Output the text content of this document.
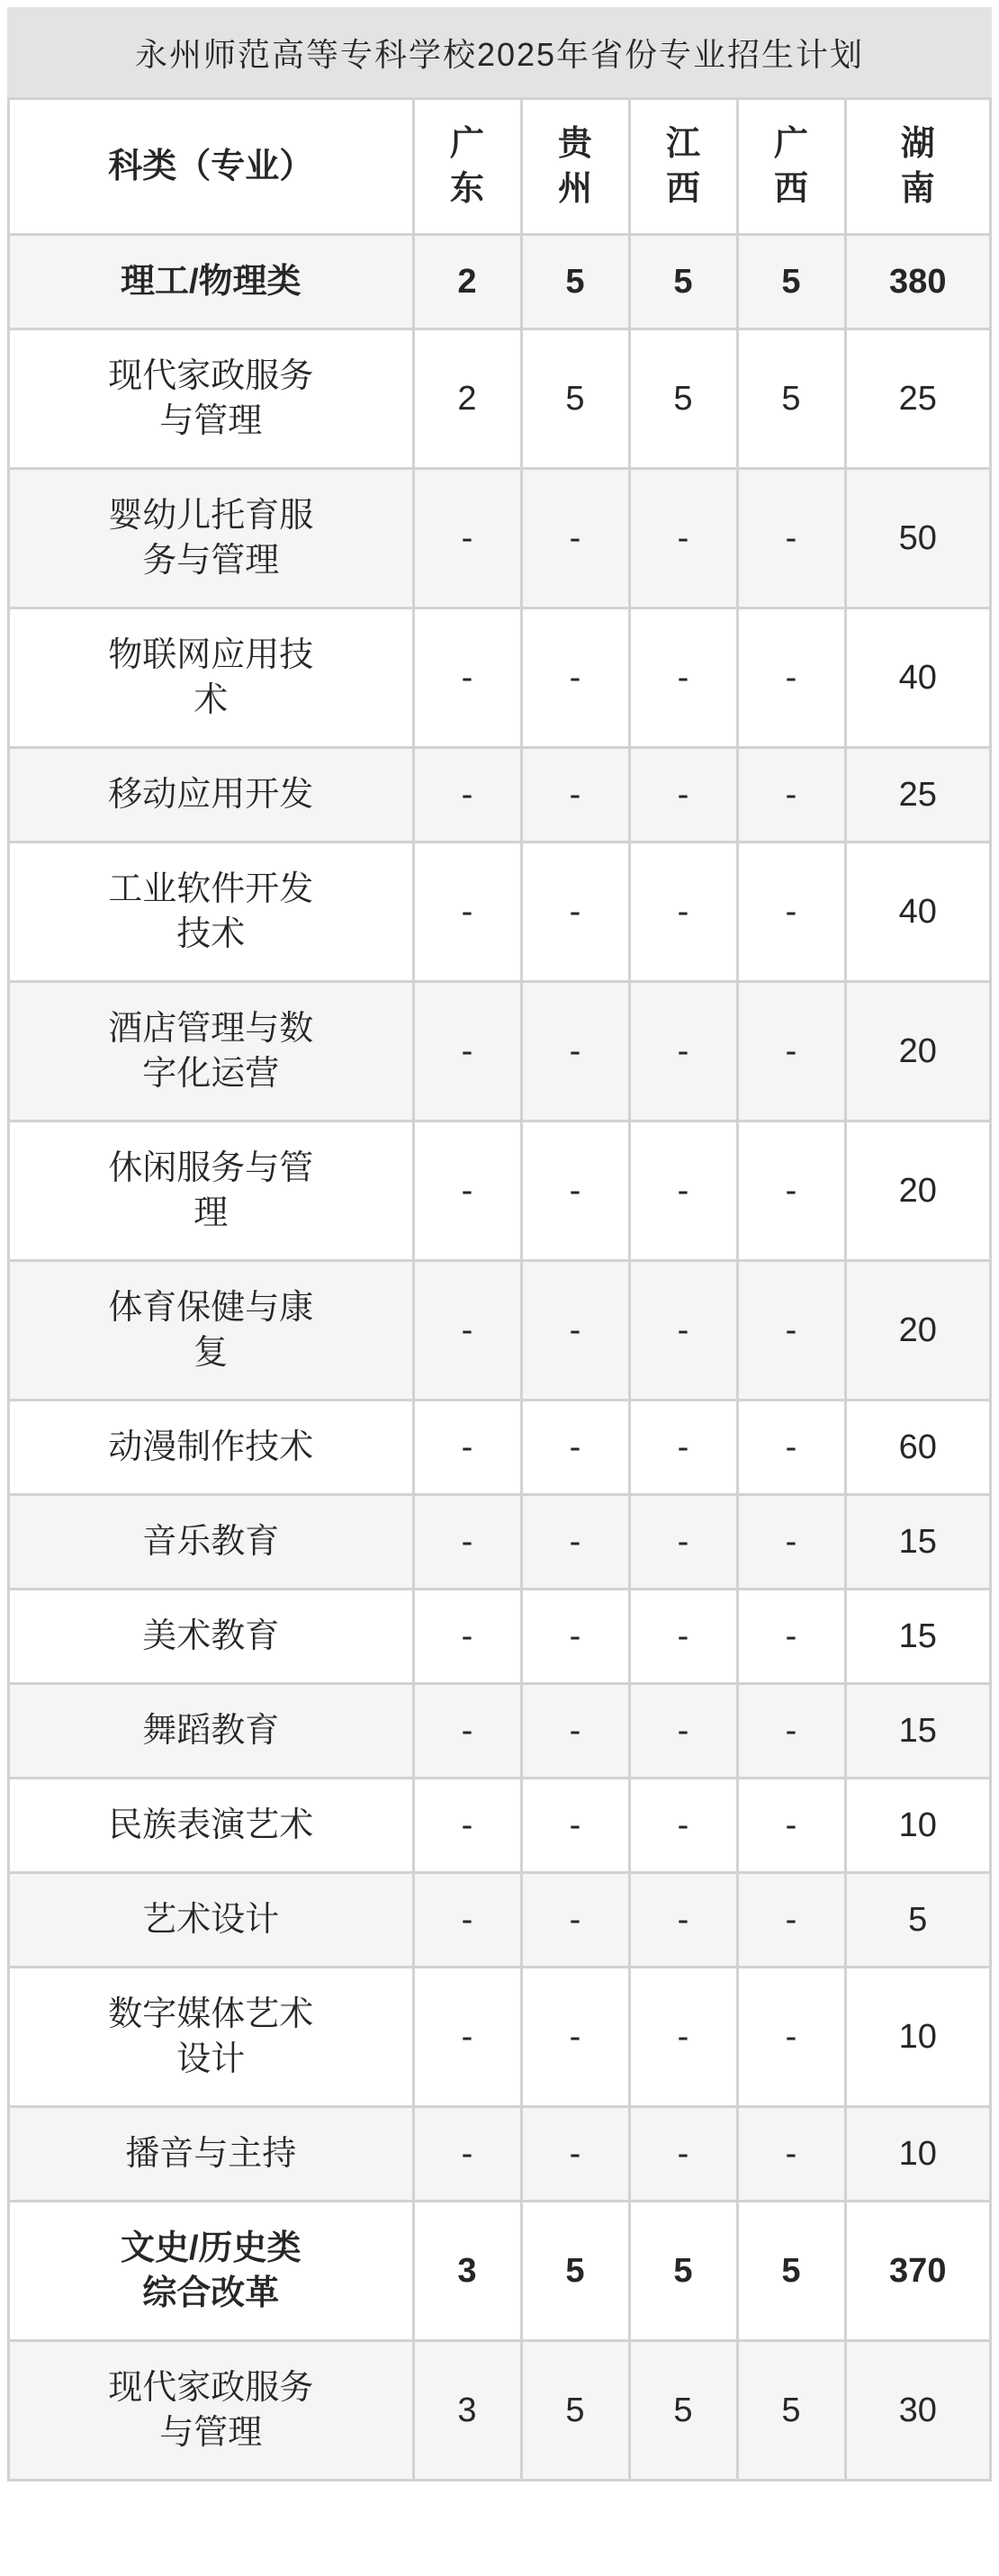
永州师范高等专科学校2025年省份专业招生计划
科类（专业）	广东	贵州	江西	广西	湖南
理工/物理类	2	5	5	5	380
现代家政服务与管理	2	5	5	5	25
婴幼儿托育服务与管理	-	-	-	-	50
物联网应用技术	-	-	-	-	40
移动应用开发	-	-	-	-	25
工业软件开发技术	-	-	-	-	40
酒店管理与数字化运营	-	-	-	-	20
休闲服务与管理	-	-	-	-	20
体育保健与康复	-	-	-	-	20
动漫制作技术	-	-	-	-	60
音乐教育	-	-	-	-	15
美术教育	-	-	-	-	15
舞蹈教育	-	-	-	-	15
民族表演艺术	-	-	-	-	10
艺术设计	-	-	-	-	5
数字媒体艺术设计	-	-	-	-	10
播音与主持	-	-	-	-	10
文史/历史类综合改革	3	5	5	5	370
现代家政服务与管理	3	5	5	5	30
